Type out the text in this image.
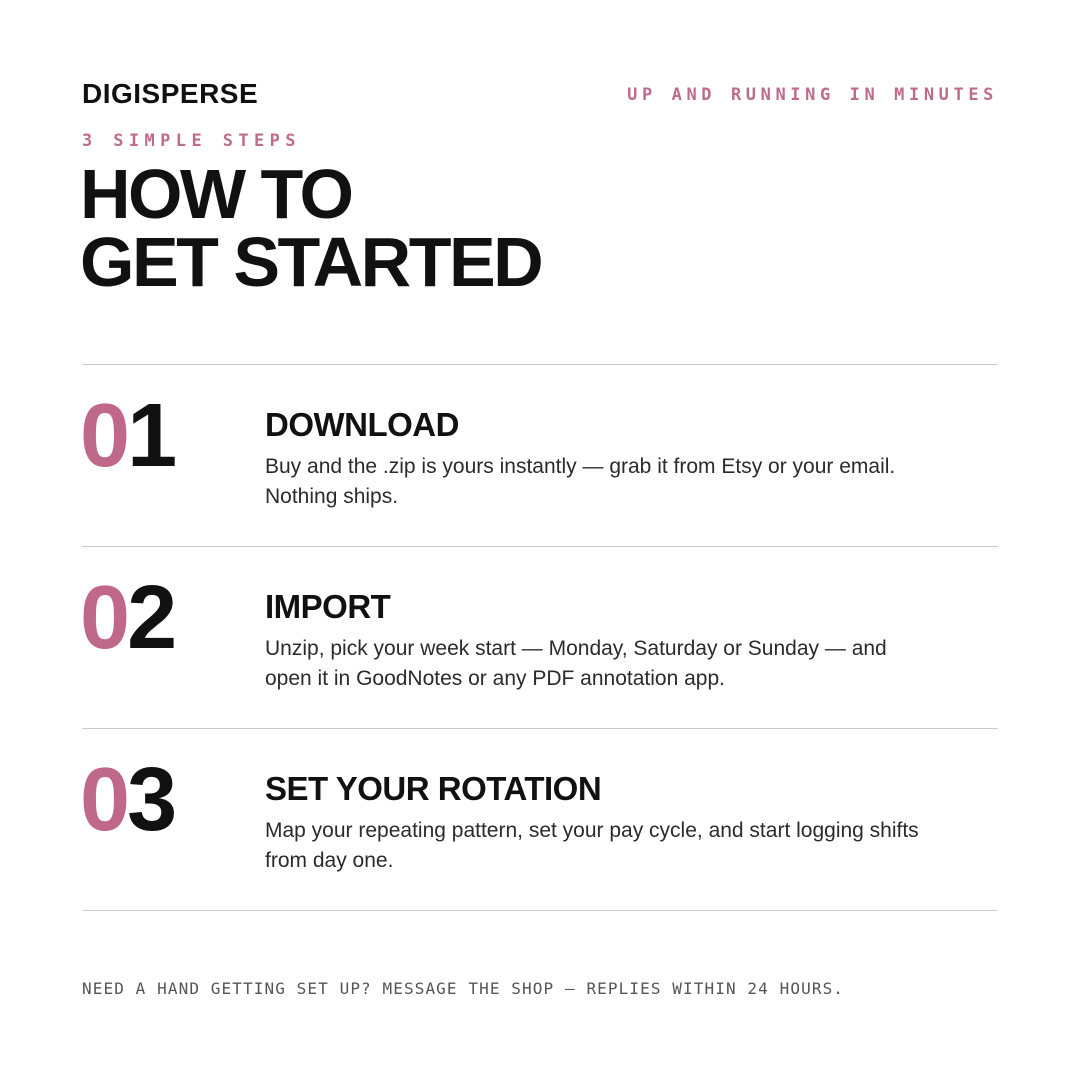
DIGISPERSE	UP AND RUNNING IN MINUTES
3 SIMPLE STEPS
HOW TO
GET STARTED
01	DOWNLOAD
Buy and the .zip is yours instantly — grab it from Etsy or your email. Nothing ships.
02	IMPORT
Unzip, pick your week start — Monday, Saturday or Sunday — and open it in GoodNotes or any PDF annotation app.
03	SET YOUR ROTATION
Map your repeating pattern, set your pay cycle, and start logging shifts from day one.
NEED A HAND GETTING SET UP? MESSAGE THE SHOP — REPLIES WITHIN 24 HOURS.
